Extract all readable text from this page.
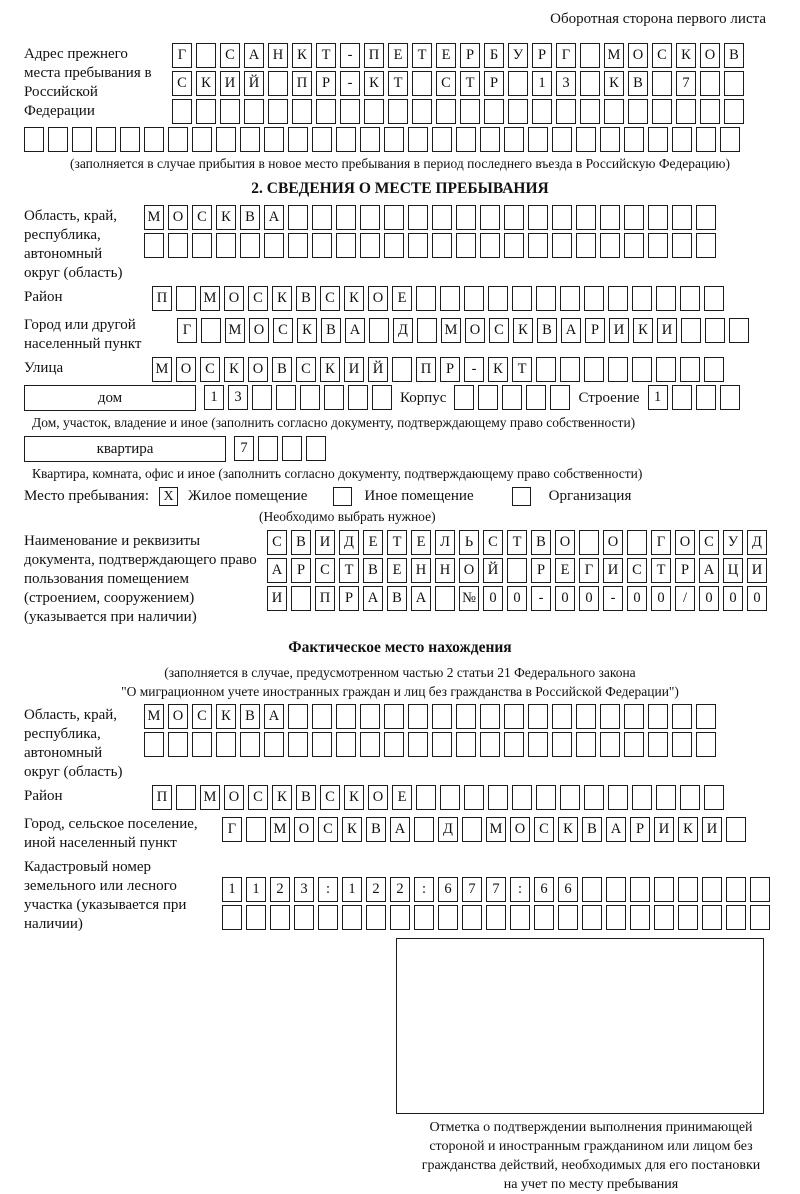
Оборотная сторона первого листа
Адрес прежнего места пребывания в Российской Федерации
Г	С А Н К	Т	-	П Е	Т	Е	Р	Б	У	Р	Г	М О С К О В
С К И Й	П	Р	-	К	Т	С	Т	Р	1	3	К В	7
(заполняется в случае прибытия в новое место пребывания в период последнего въезда в Российскую Федерацию)
2. СВЕДЕНИЯ О МЕСТЕ ПРЕБЫВАНИЯ
Область, край, республика, автономный округ (область)
М О С К В А
Район	П	М О С К В С К О Е
Город или другой населенный пункт
Г	М О С К В А	Д	М О С К В А	Р	И К И
Улица	М О С К О В С К И Й	П	Р	-	К	Т
дом	1	3	Корпус	Строение 1
Дом, участок, владение и иное (заполнить согласно документу, подтверждающему право собственности)
квартира	7
Квартира, комната, офис и иное (заполнить согласно документу, подтверждающему право собственности)
Место пребывания:	X Жилое помещение	Иное помещение	Организация
(Необходимо выбрать нужное)
Наименование и реквизиты документа, подтверждающего право пользования помещением (строением, сооружением) (указывается при наличии)
С В И Д	Е	Т	Е	Л	Ь	С	Т	В О	О	Г	О С У Д
А	Р	С	Т	В	Е Н Н О Й	Р	Е	Г	И С	Т	Р	А Ц И
И	П	Р	А В А	№ 0	0	-	0	0	-	0	0	/	0	0	0
Фактическое место нахождения
(заполняется в случае, предусмотренном частью 2 статьи 21 Федерального закона
"О миграционном учете иностранных граждан и лиц без гражданства в Российской Федерации")
Область, край, республика, автономный округ (область)
М О С К В А
Район	П	М О С К В С К О Е
Город, сельское поселение, иной населенный пункт
Г	М О С К В А	Д	М О С К В А	Р	И К И
Кадастровый номер земельного или лесного участка (указывается при наличии)
1	1	2	3	:	1	2	2	:	6	7	7	:	6	6
Отметка о подтверждении выполнения принимающей
стороной и иностранным гражданином или лицом без
гражданства действий, необходимых для его постановки
на учет по месту пребывания
